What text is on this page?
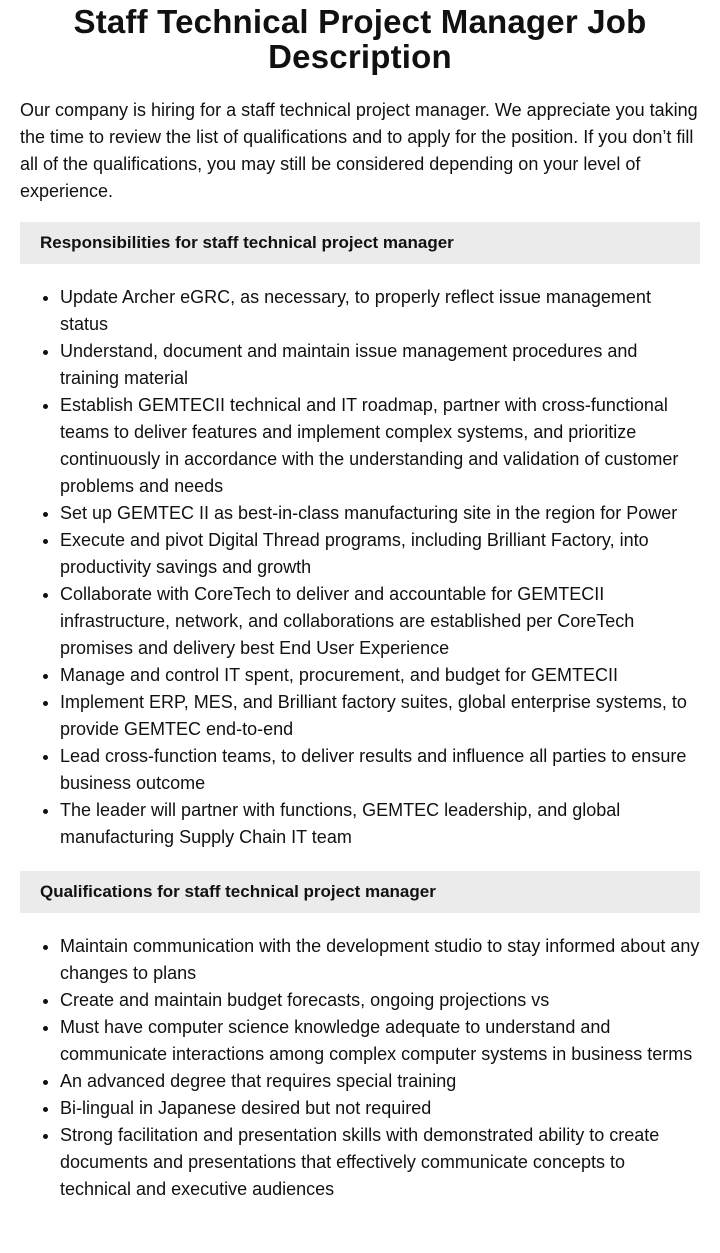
Staff Technical Project Manager Job Description

Our company is hiring for a staff technical project manager. We appreciate you taking the time to review the list of qualifications and to apply for the position. If you don’t fill all of the qualifications, you may still be considered depending on your level of experience.

Responsibilities for staff technical project manager
• Update Archer eGRC, as necessary, to properly reflect issue management status
• Understand, document and maintain issue management procedures and training material
• Establish GEMTECII technical and IT roadmap, partner with cross-functional teams to deliver features and implement complex systems, and prioritize continuously in accordance with the understanding and validation of customer problems and needs
• Set up GEMTEC II as best-in-class manufacturing site in the region for Power
• Execute and pivot Digital Thread programs, including Brilliant Factory, into productivity savings and growth
• Collaborate with CoreTech to deliver and accountable for GEMTECII infrastructure, network, and collaborations are established per CoreTech promises and delivery best End User Experience
• Manage and control IT spent, procurement, and budget for GEMTECII
• Implement ERP, MES, and Brilliant factory suites, global enterprise systems, to provide GEMTEC end-to-end
• Lead cross-function teams, to deliver results and influence all parties to ensure business outcome
• The leader will partner with functions, GEMTEC leadership, and global manufacturing Supply Chain IT team
Qualifications for staff technical project manager
• Maintain communication with the development studio to stay informed about any changes to plans
• Create and maintain budget forecasts, ongoing projections vs
• Must have computer science knowledge adequate to understand and communicate interactions among complex computer systems in business terms
• An advanced degree that requires special training
• Bi-lingual in Japanese desired but not required
• Strong facilitation and presentation skills with demonstrated ability to create documents and presentations that effectively communicate concepts to technical and executive audiences
